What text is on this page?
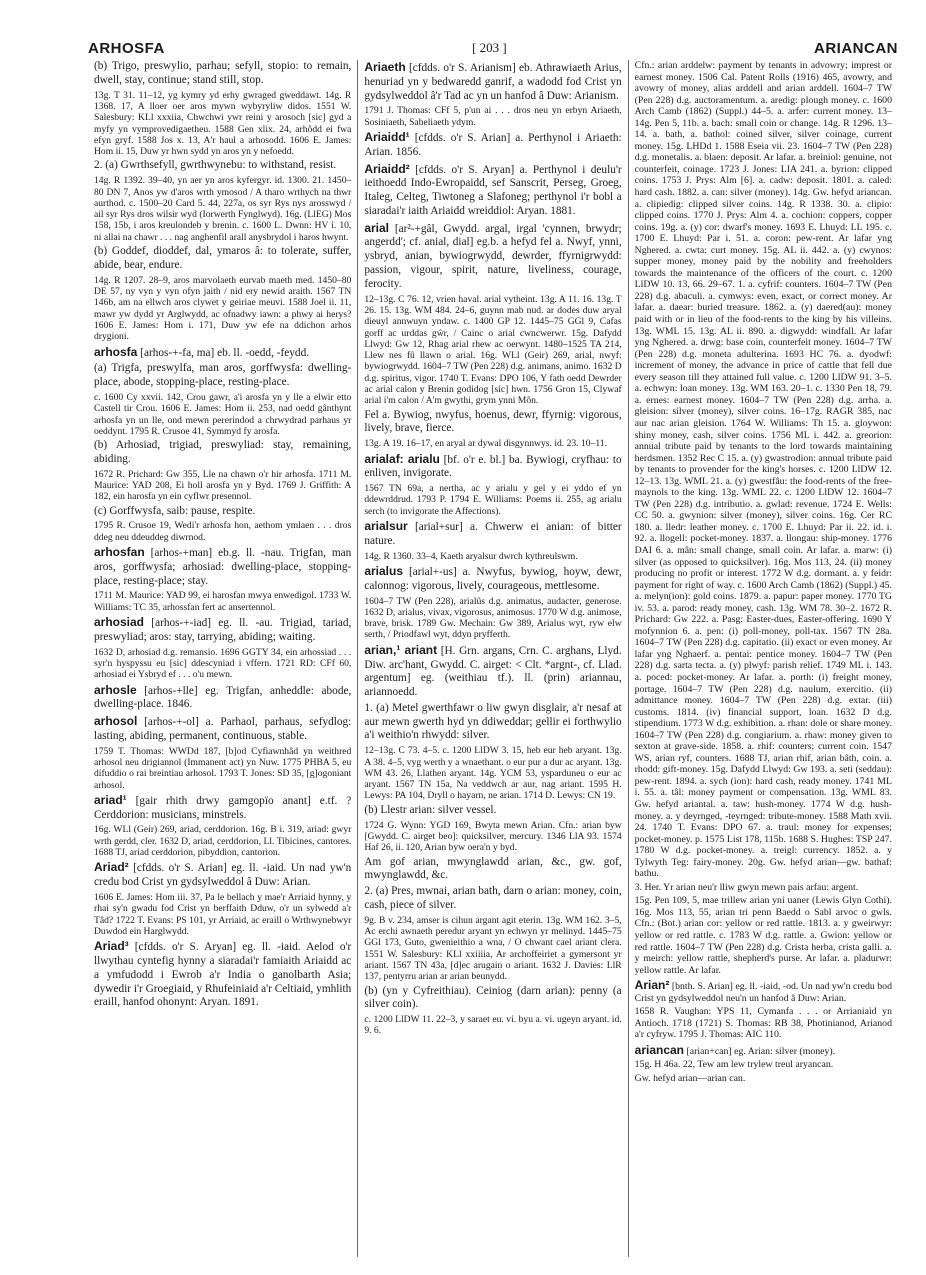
ARHOSFA	[ 203 ]	ARIANCAN

(b) Trigo, preswylio, parhau; sefyll, stopio: to remain, dwell, stay, continue; stand still, stop.

13g. T 31. 11–12, yg kymry yd erhy gwraged gweddawt. 14g. R 1368. 17, A lloer oer aros mywn wybyryliw didos. 1551 W. Salesbury: KLl xxxiia, Chwchwi ywr reini y arosoch [sic] gyd a myfy yn vymprovedigaetheu. 1588 Gen xlix. 24, arhôdd ei fwa efyn gryf. 1588 Jos x. 13, A'r haul a arhosodd. 1606 E. James: Hom ii. 15, Duw yr hwn sydd yn aros yn y nefoedd.

2. (a) Gwrthsefyll, gwrthwynebu: to withstand, resist.

14g. R 1392. 39–40, yn aer yn aros kyfergyr. id. 1300. 21. 1450–80 DN 7, Anos yw d'aros wrth ymosod / A tharo wrthych na thwr aurthod. c. 1500–20 Card 5. 44, 227a, os syr Rys nys arosswyd / ail syr Rys dros wilsir wyd (Iorwerth Fynglwyd). 16g. (LlEG) Mos 158, 15b, i aros kreulondeb y brenin. c. 1600 L. Dwnn: HV i. 10, ni allai na chawr . . . nag anghenfil arall anysbrydol i haros hwynt.

(b) Goddef, dioddef, dal, ymaros â: to tolerate, suffer, abide, bear, endure.

14g. R 1207. 28–9, aros marvolaeth eurvab maeth med. 1450–80 DE 57, ny vyn y vyn ofyn jaith / nid ery newid araith. 1567 TN 146b, am na ellwch aros clywet y geiriae meuvi. 1588 Joel ii. 11, mawr yw dydd yr Arglwydd, ac ofnadwy iawn: a phwy ai herys? 1606 E. James: Hom i. 171, Duw yw efe na ddichon arhos drygioni.

arhosfa [arhos-+-fa, ma] eb. ll. -oedd, -feydd.

(a) Trigfa, preswylfa, man aros, gorffwysfa: dwelling-place, abode, stopping-place, resting-place.

c. 1600 Cy xxvii. 142, Crou gawr, a'i arosfa yn y lle a elwir etto Castell tir Crou. 1606 E. James: Hom ii. 253, nad oedd gânthynt arhosfa yn un lle, ond mewn pererindod a chrwydrad parhaus yr oeddynt. 1795 R. Crusoe 41, Symmyd fy arosfa.

(b) Arhosiad, trigiad, preswyliad: stay, remaining, abiding.

1672 R. Prichard: Gw 355, Lle na chawn o'r hir arhosfa. 1711 M. Maurice: YAD 208, Ei holl arosfa yn y Byd. 1769 J. Griffith: A 182, ein harosfa yn ein cyflwr presennol.

(c) Gorffwysfa, saib: pause, respite.

1795 R. Crusoe 19, Wedi'r arhosfa hon, aethom ymlaen . . . dros ddeg neu ddeuddeg diwrnod.

arhosfan [arhos-+man] eb.g. ll. -nau. Trigfan, man aros, gorffwysfa; arhosiad: dwelling-place, stopping-place, resting-place; stay.

1711 M. Maurice: YAD 99, ei harosfan mwya enwedigol. 1733 W. Williams: TC 35, arhossfan fert ac ansertennol.

arhosiad [arhos-+-iad] eg. ll. -au. Trigiad, tariad, preswyliad; aros: stay, tarrying, abiding; waiting.

1632 D, arhosiad d.g. remansio. 1696 GGTY 34, ein arhossiad . . . syr'n hyspyssu eu [sic] ddescyniad i vffern. 1721 RD: CFf 60, arhosiad ei Ysbryd ef . . . o'u mewn.

arhosle [arhos-+lle] eg. Trigfan, anheddle: abode, dwelling-place. 1846.

arhosol [arhos-+-ol] a. Parhaol, parhaus, sefydlog: lasting, abiding, permanent, continuous, stable.

1759 T. Thomas: WWDd 187, [b]od Cyfiawnhâd yn weithred arhosol neu drigiannol (Immanent act) yn Nuw. 1775 PHBA 5, eu difuddio o rai breintiau arhosol. 1793 T. Jones: SD 35, [g]ogoniant arhosol.

ariad¹ [gair rhith drwy gamgopïo anant] e.tf. ? Cerddorion: musicians, minstrels.

16g. WLl (Geir) 269, ariad, cerddorion. 16g. B i. 319, ariad: gwyr wrth gerdd, cler. 1632 D, ariad, cerddorion, Ll. Tibicines, cantores. 1688 TJ, ariad cerddorion, pibyddion, cantorion.

Ariad² [cfdds. o'r S. Arian] eg. ll. -iaid. Un nad yw'n credu bod Crist yn gydsylweddol â Duw: Arian.

1606 E. James: Hom iii. 37, Pa le bellach y mae'r Arriaid hynny, y rhai sy'n gwadu fod Crist yn berffaith Dduw, o'r un sylwedd a'r Tâd? 1722 T. Evans: PS 101, yr Arriaid, ac eraill o Wrthwynebwyr Duwdod ein Harglwydd.

Ariad³ [cfdds. o'r S. Aryan] eg. ll. -iaid. Aelod o'r llwythau cyntefig hynny a siaradai'r famiaith Ariaidd ac a ymfudodd i Ewrob a'r India o ganolbarth Asia; dywedir i'r Groegiaid, y Rhufeiniaid a'r Celtiaid, ymhlith eraill, hanfod ohonynt: Aryan. 1891.

Ariaeth [cfdds. o'r S. Arianism] eb. Athrawiaeth Arius, henuriad yn y bedwaredd ganrif, a wadodd fod Crist yn gydsylweddol â'r Tad ac yn un hanfod â Duw: Arianism.

1791 J. Thomas: CFf 5, p'un ai . . . dros neu yn erbyn Ariaeth, Sosiniaeth, Sabeliaeth ydym.

Ariaidd¹ [cfdds. o'r S. Arian] a. Perthynol i Ariaeth: Arian. 1856.

Ariaidd² [cfdds. o'r S. Aryan] a. Perthynol i deulu'r ieithoedd Indo-Ewropaidd, sef Sanscrit, Perseg, Groeg, Italeg, Celteg, Tiwtoneg a Slafoneg; perthynol i'r bobl a siaradai'r iaith Ariaidd wreiddiol: Aryan. 1881.

arial [ar²-+gâl, Gwydd. argal, irgal 'cynnen, brwydr; angerdd'; cf. anial, dial] eg.b. a hefyd fel a. Nwyf, ynni, ysbryd, anian, bywiogrwydd, dewrder, ffyrnigrwydd: passion, vigour, spirit, nature, liveliness, courage, ferocity.

12–13g. C 76. 12, vrien haval. arial vytheint. 13g. A 11. 16. 13g. T 26. 15. 13g. WM 484. 24–6, guynn mab nud. ar dodes duw aryal dieuyl annwuyn yndaw. c. 1400 GP 12. 1445–75 GGl 9, Cafas gorff ac urddas gŵr, / Cainc o arial cwncwerwr. 15g. Dafydd Llwyd: Gw 12, Rhag arial rhew ac oerwynt. 1480–1525 TA 214, Llew nes fû llawn o arial. 16g. WLl (Geir) 269, arial, nwyf: bywiogrwydd. 1604–7 TW (Pen 228) d.g. animans, animo. 1632 D d.g. spiritus, vigor. 1740 T. Evans: DPO 106, Y fath oedd Dewrder ac arial calon y Brenin godidog [sic] hwn. 1756 Gron 15, Clywaf arial i'm calon / A'm gwythi, grym ynni Môn.

Fel a. Bywiog, nwyfus, hoenus, dewr, ffyrnig: vigorous, lively, brave, fierce.

13g. A 19. 16–17, en aryal ar dywal disgynnwys. id. 23. 10–11.

arialaf: arialu [bf. o'r e. bl.] ba. Bywiogi, cryfhau: to enliven, invigorate.

1567 TN 69a, a nertha, ac y arialu y gel y ei yddo ef yn ddewrddrud. 1793 P. 1794 E. Williams: Poems ii. 255, ag arialu serch (to invigorate the Affections).

arialsur [arial+sur] a. Chwerw ei anian: of bitter nature.

14g. R 1360. 33–4, Kaeth aryalsur dwrch kythreulswm.

arialus [arial+-us] a. Nwyfus, bywiog, hoyw, dewr, calonnog: vigorous, lively, courageous, mettlesome.

1604–7 TW (Pen 228), arialûs d.g. animatus, audacter, generose. 1632 D, arialus, vivax, vigorosus, animosus. 1770 W d.g. animose, brave, brisk. 1789 Gw. Mechain: Gw 389, Arialus wyt, ryw elw serth, / Priodfawl wyt, ddyn pryfferth.

arian,¹ ariant [H. Grn. argans, Crn. C. arghans, Llyd. Diw. arc'hant, Gwydd. C. airget: < Clt. *argnt-, cf. Llad. argentum] eg. (weithiau tf.). ll. (prin) ariannau, ariannoedd.

1. (a) Metel gwerthfawr o liw gwyn disglair, a'r nesaf at aur mewn gwerth hyd yn ddiweddar; gellir ei forthwylio a'i weithio'n rhwydd: silver.

12–13g. C 73. 4–5. c. 1200 LlDW 3. 15, heb eur heb aryant. 13g. A 38. 4–5, vyg werth y a wnaethant. o eur pur a dur ac aryant. 13g. WM 43. 26, Llathen aryant. 14g. YCM 53, ysparduneu o eur ac aryant. 1567 TN 15a, Na veddwch ar aur, nag ariant. 1595 H. Lewys: PA 104, Dryll o hayarn, ne arian. 1714 D. Lewys: CN 19.

(b) Llestr arian: silver vessel.

1724 G. Wynn: YGD 169, Bwyta mewn Arian. Cfn.: arian byw [Gwydd. C. airget beo]: quicksilver, mercury. 1346 LlA 93. 1574 Haf 26, ii. 120, Arian byw oera'n y byd.

Am gof arian, mwynglawdd arian, &c., gw. gof, mwynglawdd, &c.

2. (a) Pres, mwnai, arian bath, darn o arian: money, coin, cash, piece of silver.

9g. B v. 234, amser is cihun argant agit eterin. 13g. WM 162. 3–5, Ac erchi awnaeth peredur aryant yn echwyn yr melinyd. 1445–75 GGl 173, Guto, gwenieithio a wna, / O chwant cael ariant clera. 1551 W. Salesbury: KLl xxiiiia, Ar archoffeiriet a gymersont yr ariant. 1567 TN 43a, [d]ec arugain o ariant. 1632 J. Davies: LlR 137, pentyrru arian ar arian beunydd.

(b) (yn y Cyfreithiau). Ceiniog (darn arian): penny (a silver coin).

c. 1200 LlDW 11. 22–3, y saraet eu. vi. byu a. vi. ugeyn aryant. id. 9. 6.

Cfn.: arian arddelw: payment by tenants in advowry; imprest or earnest money. 1506 Cal. Patent Rolls (1916) 465, avowry, and avowry of money, alias arddell and arian arddell. 1604–7 TW (Pen 228) d.g. auctoramentum. a. aredig: plough money. c. 1600 Arch Camb (1862) (Suppl.) 44–5. a. arfer: current money. 13–14g. Pen 5, 11b. a. bach: small coin or change. 14g. R 1296. 13–14. a. bath, a. bathol: coined silver, silver coinage, current money. 15g. LHDd 1. 1588 Eseia vii. 23. 1604–7 TW (Pen 228) d.g. monetalis. a. blaen: deposit. Ar lafar. a. breiniol: genuine, not counterfeit, coinage. 1723 J. Jones: LIA 241. a. byrion: clipped coins. 1753 J. Prys: Alm [6]. a. cadw: deposit. 1801. a. caled: hard cash. 1882. a. can: silver (money). 14g. Gw. hefyd ariancan. a. clipiedig: clipped silver coins. 14g. R 1338. 30. a. clipio: clipped coins. 1770 J. Prys: Alm 4. a. cochion: coppers, copper coins. 19g. a. (y) cor: dwarf's money. 1693 E. Lhuyd: LL 195. c. 1700 E. Lhuyd: Par i. 51. a. coron: pew-rent. Ar lafar yng Nghered. a. cwta: curt money. 15g. AL ii. 442. a. (y) cwynos: supper money, money paid by the nobility and freeholders towards the maintenance of the officers of the court. c. 1200 LlDW 10. 13, 66. 29–67. 1. a. cyfrif: counters. 1604–7 TW (Pen 228) d.g. abaculi. a. cymwys: even, exact, or correct money. Ar lafar. a. daear: buried treasure. 1862. a. (y) daered(au): money paid with or in lieu of the food-rents to the king by his villeins. 13g. WML 15. 13g. AL ii. 890. a. digwydd: windfall. Ar lafar yng Nghered. a. drwg: base coin, counterfeit money. 1604–7 TW (Pen 228) d.g. moneta adulterina. 1693 HC 76. a. dyodwf: increment of money, the advance in price of cattle that fell due every season till they attained full value. c. 1200 LlDW 91. 3–5. a. echwyn: loan money. 13g. WM 163. 20–1. c. 1330 Pen 18, 79. a. ernes: earnest money. 1604–7 TW (Pen 228) d.g. arrha. a. gleision: silver (money), silver coins. 16–17g. RAGR 385, nac aur nac arian gleision. 1764 W. Williams: Th 15. a. gloywon: shiny money, cash, silver coins. 1756 ML i. 442. a. greorion: annual tribute paid by tenants to the lord towards maintaining herdsmen. 1352 Rec C 15. a. (y) gwastrodion: annual tribute paid by tenants to provender for the king's horses. c. 1200 LlDW 12. 12–13. 13g. WML 21. a. (y) gwestfâu: the food-rents of the free-maynols to the king. 13g. WML 22. c. 1200 LlDW 12. 1604–7 TW (Pen 228) d.g. intributio. a. gwlad: revenue. 1724 E. Wells: CC 50. a. gwynion: silver (money), silver coins. 16g. Cer RC 180. a. lledr: leather money. c. 1700 E. Lhuyd: Par ii. 22. id. i. 92. a. llogell: pocket-money. 1837. a. llongau: ship-money. 1776 DAI 6. a. mân: small change, small coin. Ar lafar. a. marw: (i) silver (as opposed to quicksilver). 16g. Mos 113, 24. (ii) money producing no profit or interest. 1772 W d.g. dormant. a. y feidr: payment for right of way. c. 1600 Arch Camb (1862) (Suppl.) 45. a. melyn(ion): gold coins. 1879. a. papur: paper money. 1770 TG iv. 53. a. parod: ready money, cash. 13g. WM 78. 30–2. 1672 R. Prichard: Gw 222. a. Pasg: Easter-dues, Easter-offering. 1690 Y mofynnion 6. a. pen: (i) poll-money, poll-tax. 1567 TN 28a. 1604–7 TW (Pen 228) d.g. capitatio. (ii) exact or even money. Ar lafar yng Nghaerf. a. pentai: pentice money. 1604–7 TW (Pen 228) d.g. sarta tecta. a. (y) plwyf: parish relief. 1749 ML i. 143. a. poced: pocket-money. Ar lafar. a. porth: (i) freight money, portage. 1604–7 TW (Pen 228) d.g. naulum, exercitio. (ii) admittance money. 1604–7 TW (Pen 228) d.g. extar. (iii) customs. 1814. (iv) financial support, loan. 1632 D d.g. stipendium. 1773 W d.g. exhibition. a. rhan: dole or share money. 1604–7 TW (Pen 228) d.g. congiarium. a. rhaw: money given to sexton at grave-side. 1858. a. rhif: counters; current coin. 1547 WS, arian ryf, counters. 1688 TJ, arian rhif, arian bâth, coin. a. rhodd: gift-money. 15g. Dafydd Llwyd: Gw 193. a. seti (seddau): pew-rent. 1894. a. sych (ion): hard cash, ready money. 1741 ML i. 55. a. tâl: money payment or compensation. 13g. WML 83. Gw. hefyd ariantal. a. taw: hush-money. 1774 W d.g. hush-money. a. y deyrnged, -teyrnged: tribute-money. 1588 Math xvii. 24. 1740 T. Evans: DPO 67. a. traul: money for expenses; pocket-money. p. 1575 List 178, 115b. 1688 S. Hughes: TSP 247. 1780 W d.g. pocket-money. a. treigl: currency. 1852. a. y Tylwyth Teg: fairy-money. 20g. Gw. hefyd arian—gw. bathaf: bathu.

3. Her. Yr arian neu'r lliw gwyn mewn pais arfau: argent.

15g. Pen 109, 5, mae trillew arian yni uaner (Lewis Glyn Cothi). 16g. Mos 113, 55, arian tri penn Baedd o Sabl arvoc o gwls. Cfn.: (Bot.) arian cor: yellow or red rattle. 1813. a. y gweirwyr: yellow or red rattle. c. 1783 W d.g. rattle. a. Gwion: yellow or red rattle. 1604–7 TW (Pen 228) d.g. Crista herba, crista galli. a. y meirch: yellow rattle, shepherd's purse. Ar lafar. a. pladurwr: yellow rattle. Ar lafar.

Arian² [bnth. S. Arian] eg. ll. -iaid, -od. Un nad yw'n credu bod Crist yn gydsylweddol neu'n un hanfod â Duw: Arian.

1658 R. Vaughan: YPS 11, Cymanfa . . . or Arrianiaid yn Antioch. 1718 (1721) S. Thomas: RB 38, Photinianod, Arianod a'r cyfryw. 1795 J. Thomas: AIC 110.

ariancan [arian+can] eg. Arian: silver (money).

15g. H 46a. 22, Tew am lew trylew treul aryancan.

Gw. hefyd arian—arian can.
